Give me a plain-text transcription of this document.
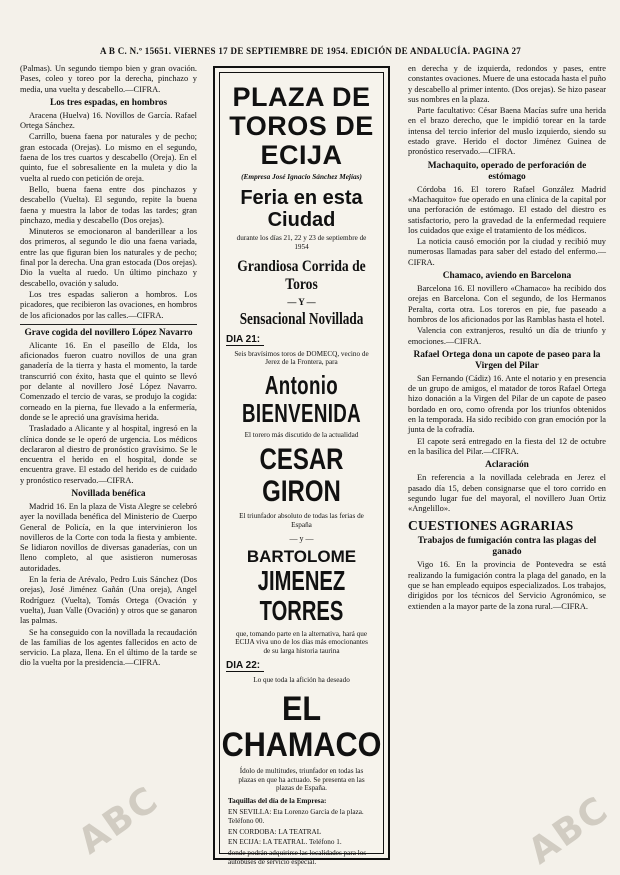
A B C. N.º 15651. VIERNES 17 DE SEPTIEMBRE DE 1954. EDICIÓN DE ANDALUCÍA. PAGINA 27

(Palmas). Un segundo tiempo bien y gran ovación. Pases, coleo y toreo por la derecha, pinchazo y media, una vuelta y descabello.—CIFRA.

Los tres espadas, en hombros

Aracena (Huelva) 16. Novillos de García. Rafael Ortega Sánchez.

Carrillo, buena faena por naturales y de pecho; gran estocada (Orejas). Lo mismo en el segundo, faena de los tres cuartos y descabello (Oreja). En el quinto, fue el sobresaliente en la muleta y dio la vuelta al ruedo con petición de oreja.

Bello, buena faena entre dos pinchazos y descabello (Vuelta). El segundo, repite la buena faena y muestra la labor de todas las tardes; gran pinchazo, media y descabello (Dos orejas).

Minuteros se emocionaron al banderillear a los dos primeros, al segundo le dio una faena variada, entre las que figuran bien los naturales y de pecho; final por la derecha. Una gran estocada (Dos orejas). Dio la vuelta al ruedo. Un último pinchazo y descabello, ovación y saludo.

Los tres espadas salieron a hombros. Los picadores, que recibieron las ovaciones, en hombros de los aficionados por las calles.—CIFRA.

Grave cogida del novillero López Navarro

Alicante 16. En el paseíllo de Elda, los aficionados fueron cuatro novillos de una gran ganadería de la tierra y hasta el momento, la tarde transcurrió con éxito, hasta que el quinto se llevó por delante al novillero José López Navarro. Comenzado el tercio de varas, se produjo la cogida: corneado en la pierna, fue llevado a la enfermería, donde se le apreció una gravísima herida.

Trasladado a Alicante y al hospital, ingresó en la clínica donde se le operó de urgencia. Los médicos declararon al diestro de pronóstico gravísimo. Se le encuentra el herido en el hospital, donde se encuentra grave. El estado del herido es de cuidado y pronóstico reservado.—CIFRA.

Novillada benéfica

Madrid 16. En la plaza de Vista Alegre se celebró ayer la novillada benéfica del Ministerio de Cuerpo General de Policía, en la que intervinieron los novilleros de la Corte con toda la fiesta y ambiente. Se lidiaron novillos de diversas ganaderías, con un lleno completo, al que asistieron numerosas autoridades.

En la feria de Arévalo, Pedro Luis Sánchez (Dos orejas), José Jiménez Gañán (Una oreja), Angel Rodríguez (Vuelta), Tomás Ortega (Ovación y vuelta), Juan Valle (Ovación) y otros que se ganaron las palmas.

Se ha conseguido con la novillada la recaudación de las familias de los agentes fallecidos en acto de servicio. La plaza, llena. En el último de la tarde se dio la vuelta por la presidencia.—CIFRA.

PLAZA DE TOROS DE ECIJA
(Empresa José Ignacio Sánchez Mejías)
Feria en esta Ciudad
durante los días 21, 22 y 23 de septiembre de 1954
Grandiosa Corrida de Toros
— Y —
Sensacional Novillada
DIA 21:
Seis bravísimos toros de DOMECQ, vecino de Jerez de la Frontera, para
Antonio BIENVENIDA
El torero más discutido de la actualidad
CESAR GIRON
El triunfador absoluto de todas las ferias de España
— y —
BARTOLOME
JIMENEZ TORRES
que, tomando parte en la alternativa, hará que ECIJA viva uno de los días más emocionantes de su larga historia taurina
DIA 22:
Lo que toda la afición ha deseado
EL CHAMACO
Ídolo de multitudes, triunfador en todas las plazas en que ha actuado. Se presenta en las plazas de España.
Taquillas del día de la Empresa:
EN SEVILLA: Eta Lorenzo García de la plaza. Teléfono 00.
EN CORDOBA: LA TEATRAL
EN ECIJA: LA TEATRAL. Teléfono 1.
donde podrán adquirirse las localidades para los autobuses de servicio especial.

en derecha y de izquierda, redondos y pases, entre constantes ovaciones. Muere de una estocada hasta el puño y descabello al primer intento. (Dos orejas). Se hizo pasear sus nombres en la plaza.

Parte facultativo: César Baena Macías sufre una herida en el brazo derecho, que le impidió torear en la tarde intensa del tercio inferior del muslo izquierdo, siendo su estado grave. Herido el doctor Jiménez Guinea de pronóstico reservado.—CIFRA.

Machaquito, operado de perforación de estómago

Córdoba 16. El torero Rafael González Madrid «Machaquito» fue operado en una clínica de la capital por una perforación de estómago. El estado del diestro es satisfactorio, pero la gravedad de la enfermedad requiere los cuidados que exige el tratamiento de los médicos.

La noticia causó emoción por la ciudad y recibió muy numerosas llamadas para saber del estado del enfermo.—CIFRA.

Chamaco, aviendo en Barcelona

Barcelona 16. El novillero «Chamaco» ha recibido dos orejas en Barcelona. Con el segundo, de los Hermanos Peralta, corta otra. Los toreros en pie, fue paseado a hombros de los aficionados por las Ramblas hasta el hotel.

Valencia con extranjeros, resultó un día de triunfo y emociones.—CIFRA.

Rafael Ortega dona un capote de paseo para la Virgen del Pilar

San Fernando (Cádiz) 16. Ante el notario y en presencia de un grupo de amigos, el matador de toros Rafael Ortega hizo donación a la Virgen del Pilar de un capote de paseo bordado en oro, como ofrenda por los triunfos obtenidos en la temporada. Ha sido recibido con gran emoción por la junta de la cofradía.

El capote será entregado en la fiesta del 12 de octubre en la basílica del Pilar.—CIFRA.

Aclaración

En referencia a la novillada celebrada en Jerez el pasado día 15, deben consignarse que el toro corrido en segundo lugar fue del mayoral, el novillero Juan Ortiz «Angelillo».

CUESTIONES AGRARIAS
Trabajos de fumigación contra las plagas del ganado

Vigo 16. En la provincia de Pontevedra se está realizando la fumigación contra la plaga del ganado, en la que se han empleado equipos especializados. Los trabajos, dirigidos por los técnicos del Servicio Agronómico, se extienden a la mayor parte de la zona rural.—CIFRA.

ABC	ABC
